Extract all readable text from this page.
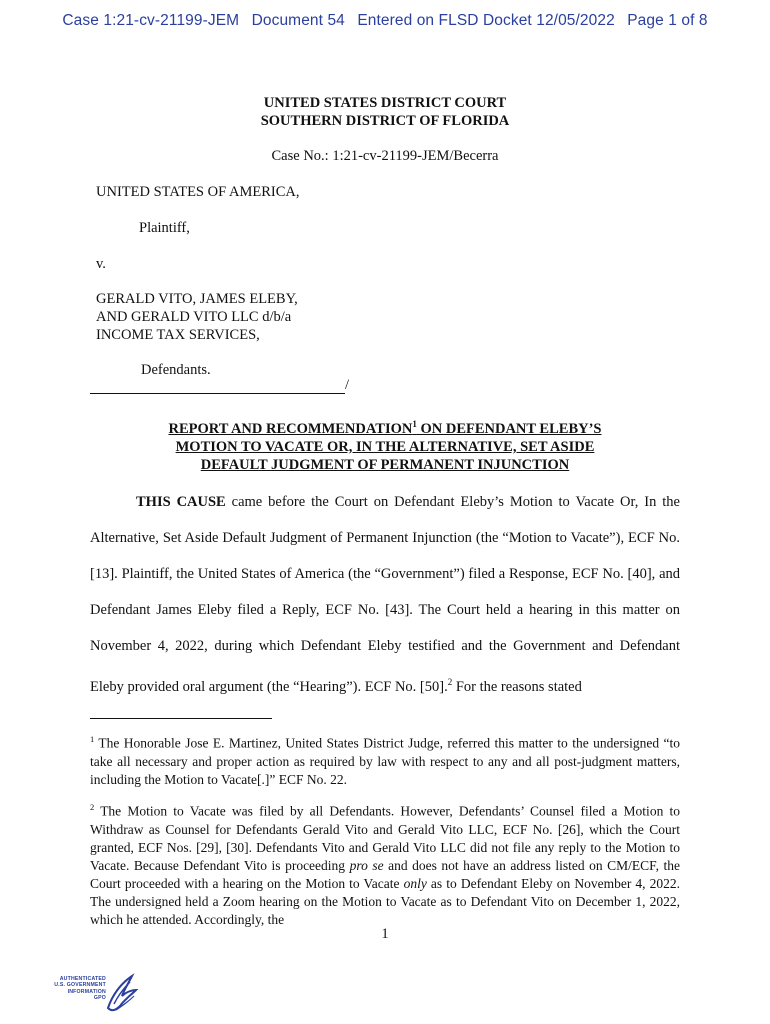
Case 1:21-cv-21199-JEM Document 54 Entered on FLSD Docket 12/05/2022 Page 1 of 8
UNITED STATES DISTRICT COURT
SOUTHERN DISTRICT OF FLORIDA
Case No.: 1:21-cv-21199-JEM/Becerra
UNITED STATES OF AMERICA,
Plaintiff,
v.
GERALD VITO, JAMES ELEBY,
AND GERALD VITO LLC d/b/a
INCOME TAX SERVICES,
Defendants.
/
REPORT AND RECOMMENDATION$^1$ ON DEFENDANT ELEBY’S
MOTION TO VACATE OR, IN THE ALTERNATIVE, SET ASIDE
DEFAULT JUDGMENT OF PERMANENT INJUNCTION

THIS CAUSE came before the Court on Defendant Eleby’s Motion to Vacate Or, In the Alternative, Set Aside Default Judgment of Permanent Injunction (the “Motion to Vacate”), ECF No. [13]. Plaintiff, the United States of America (the “Government”) filed a Response, ECF No. [40], and Defendant James Eleby filed a Reply, ECF No. [43]. The Court held a hearing in this matter on November 4, 2022, during which Defendant Eleby testified and the Government and Defendant Eleby provided oral argument (the “Hearing”). ECF No. [50].$^2$ For the reasons stated

$^1$ The Honorable Jose E. Martinez, United States District Judge, referred this matter to the undersigned “to take all necessary and proper action as required by law with respect to any and all post-judgment matters, including the Motion to Vacate[.]” ECF No. 22.
$^2$ The Motion to Vacate was filed by all Defendants. However, Defendants’ Counsel filed a Motion to Withdraw as Counsel for Defendants Gerald Vito and Gerald Vito LLC, ECF No. [26], which the Court granted, ECF Nos. [29], [30]. Defendants Vito and Gerald Vito LLC did not file any reply to the Motion to Vacate. Because Defendant Vito is proceeding pro se and does not have an address listed on CM/ECF, the Court proceeded with a hearing on the Motion to Vacate only as to Defendant Eleby on November 4, 2022. The undersigned held a Zoom hearing on the Motion to Vacate as to Defendant Vito on December 1, 2022, which he attended. Accordingly, the
1
AUTHENTICATED
U.S. GOVERNMENT
INFORMATION
GPO
